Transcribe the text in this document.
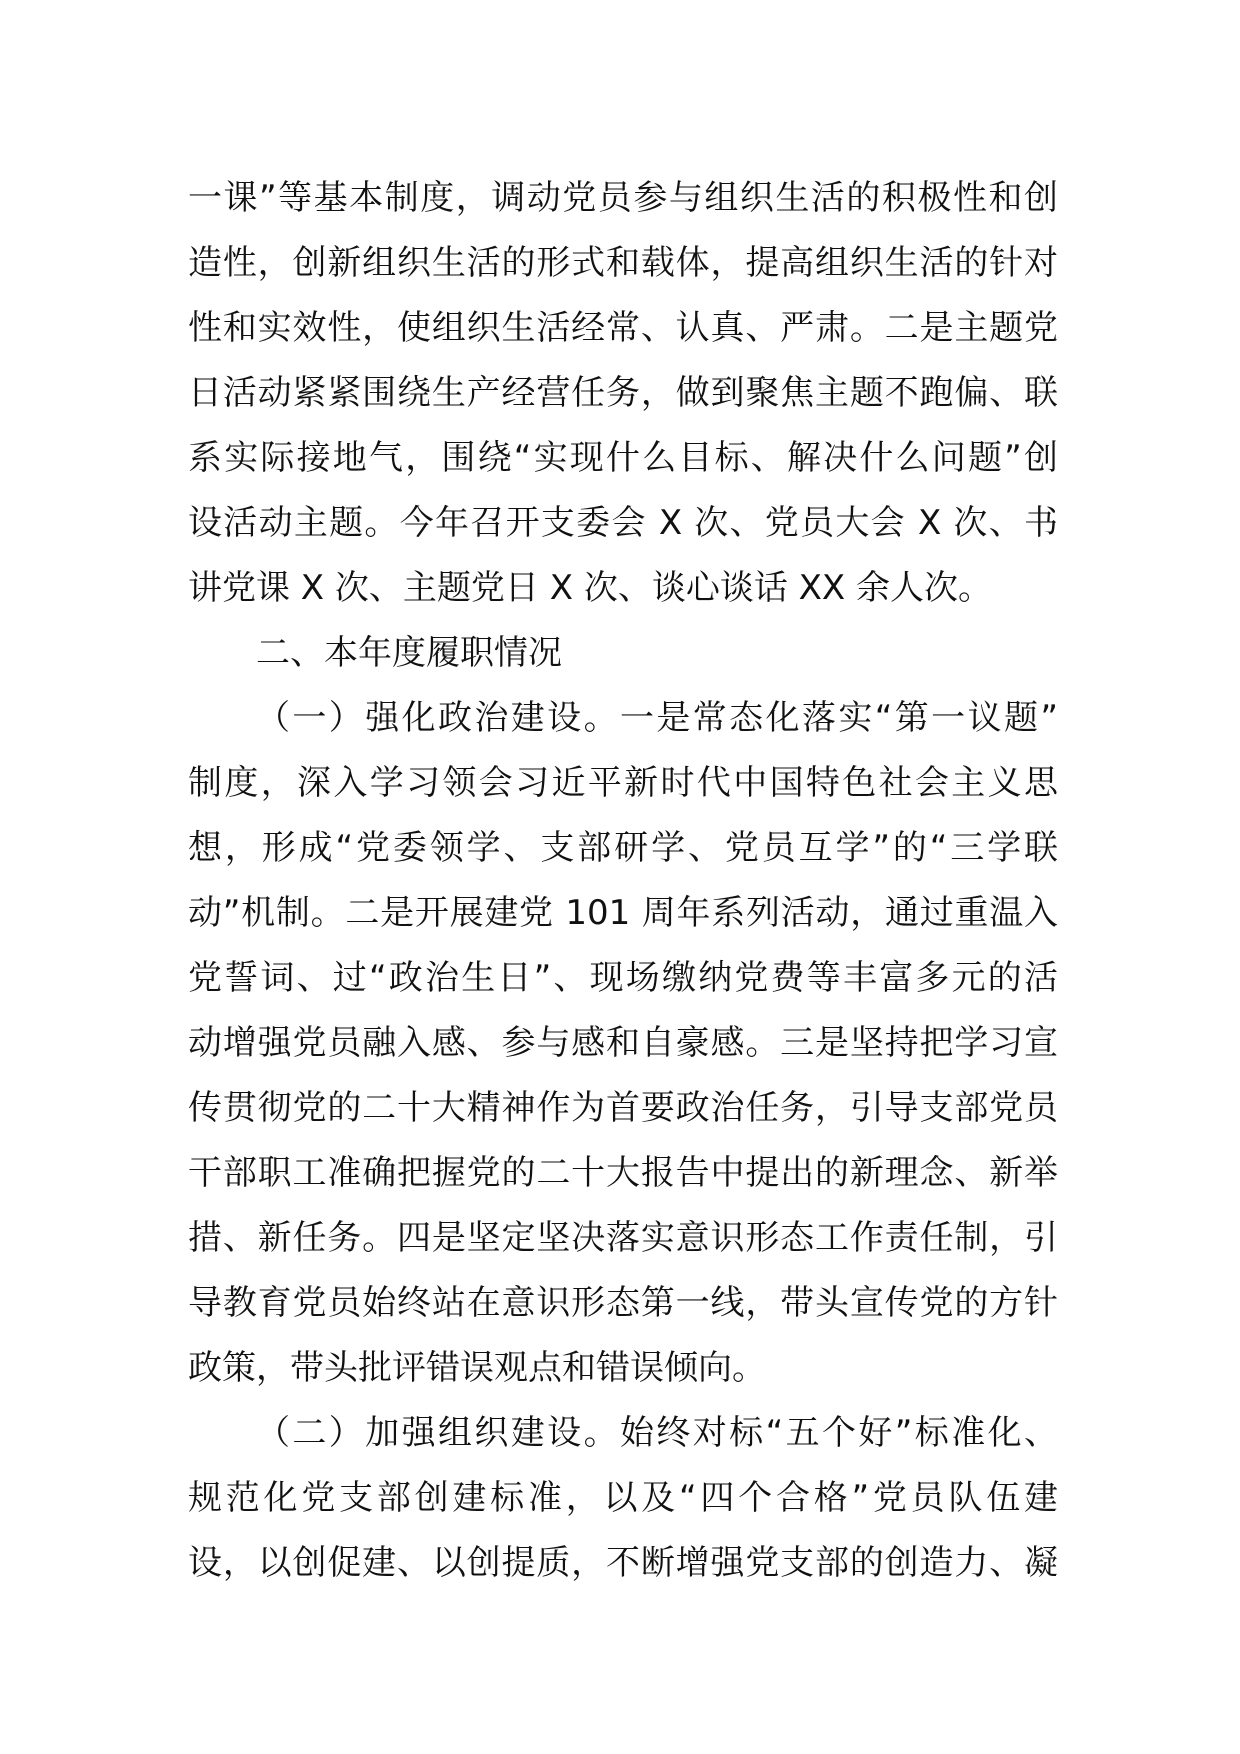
一课”等基本制度，调动党员参与组织生活的积极性和创
造性，创新组织生活的形式和载体，提高组织生活的针对
性和实效性，使组织生活经常、认真、严肃。二是主题党
日活动紧紧围绕生产经营任务，做到聚焦主题不跑偏、联
系实际接地气，围绕“实现什么目标、解决什么问题”创
设活动主题。今年召开支委会 X 次、党员大会 X 次、书
讲党课 X 次、主题党日 X 次、谈心谈话 XX 余人次。
二、本年度履职情况
（一）强化政治建设。一是常态化落实“第一议题”
制度，深入学习领会习近平新时代中国特色社会主义思
想，形成“党委领学、支部研学、党员互学”的“三学联
动”机制。二是开展建党 101 周年系列活动，通过重温入
党誓词、过“政治生日”、现场缴纳党费等丰富多元的活
动增强党员融入感、参与感和自豪感。三是坚持把学习宣
传贯彻党的二十大精神作为首要政治任务，引导支部党员
干部职工准确把握党的二十大报告中提出的新理念、新举
措、新任务。四是坚定坚决落实意识形态工作责任制，引
导教育党员始终站在意识形态第一线，带头宣传党的方针
政策，带头批评错误观点和错误倾向。
（二）加强组织建设。始终对标“五个好”标准化、
规范化党支部创建标准，以及“四个合格”党员队伍建
设，以创促建、以创提质，不断增强党支部的创造力、凝
